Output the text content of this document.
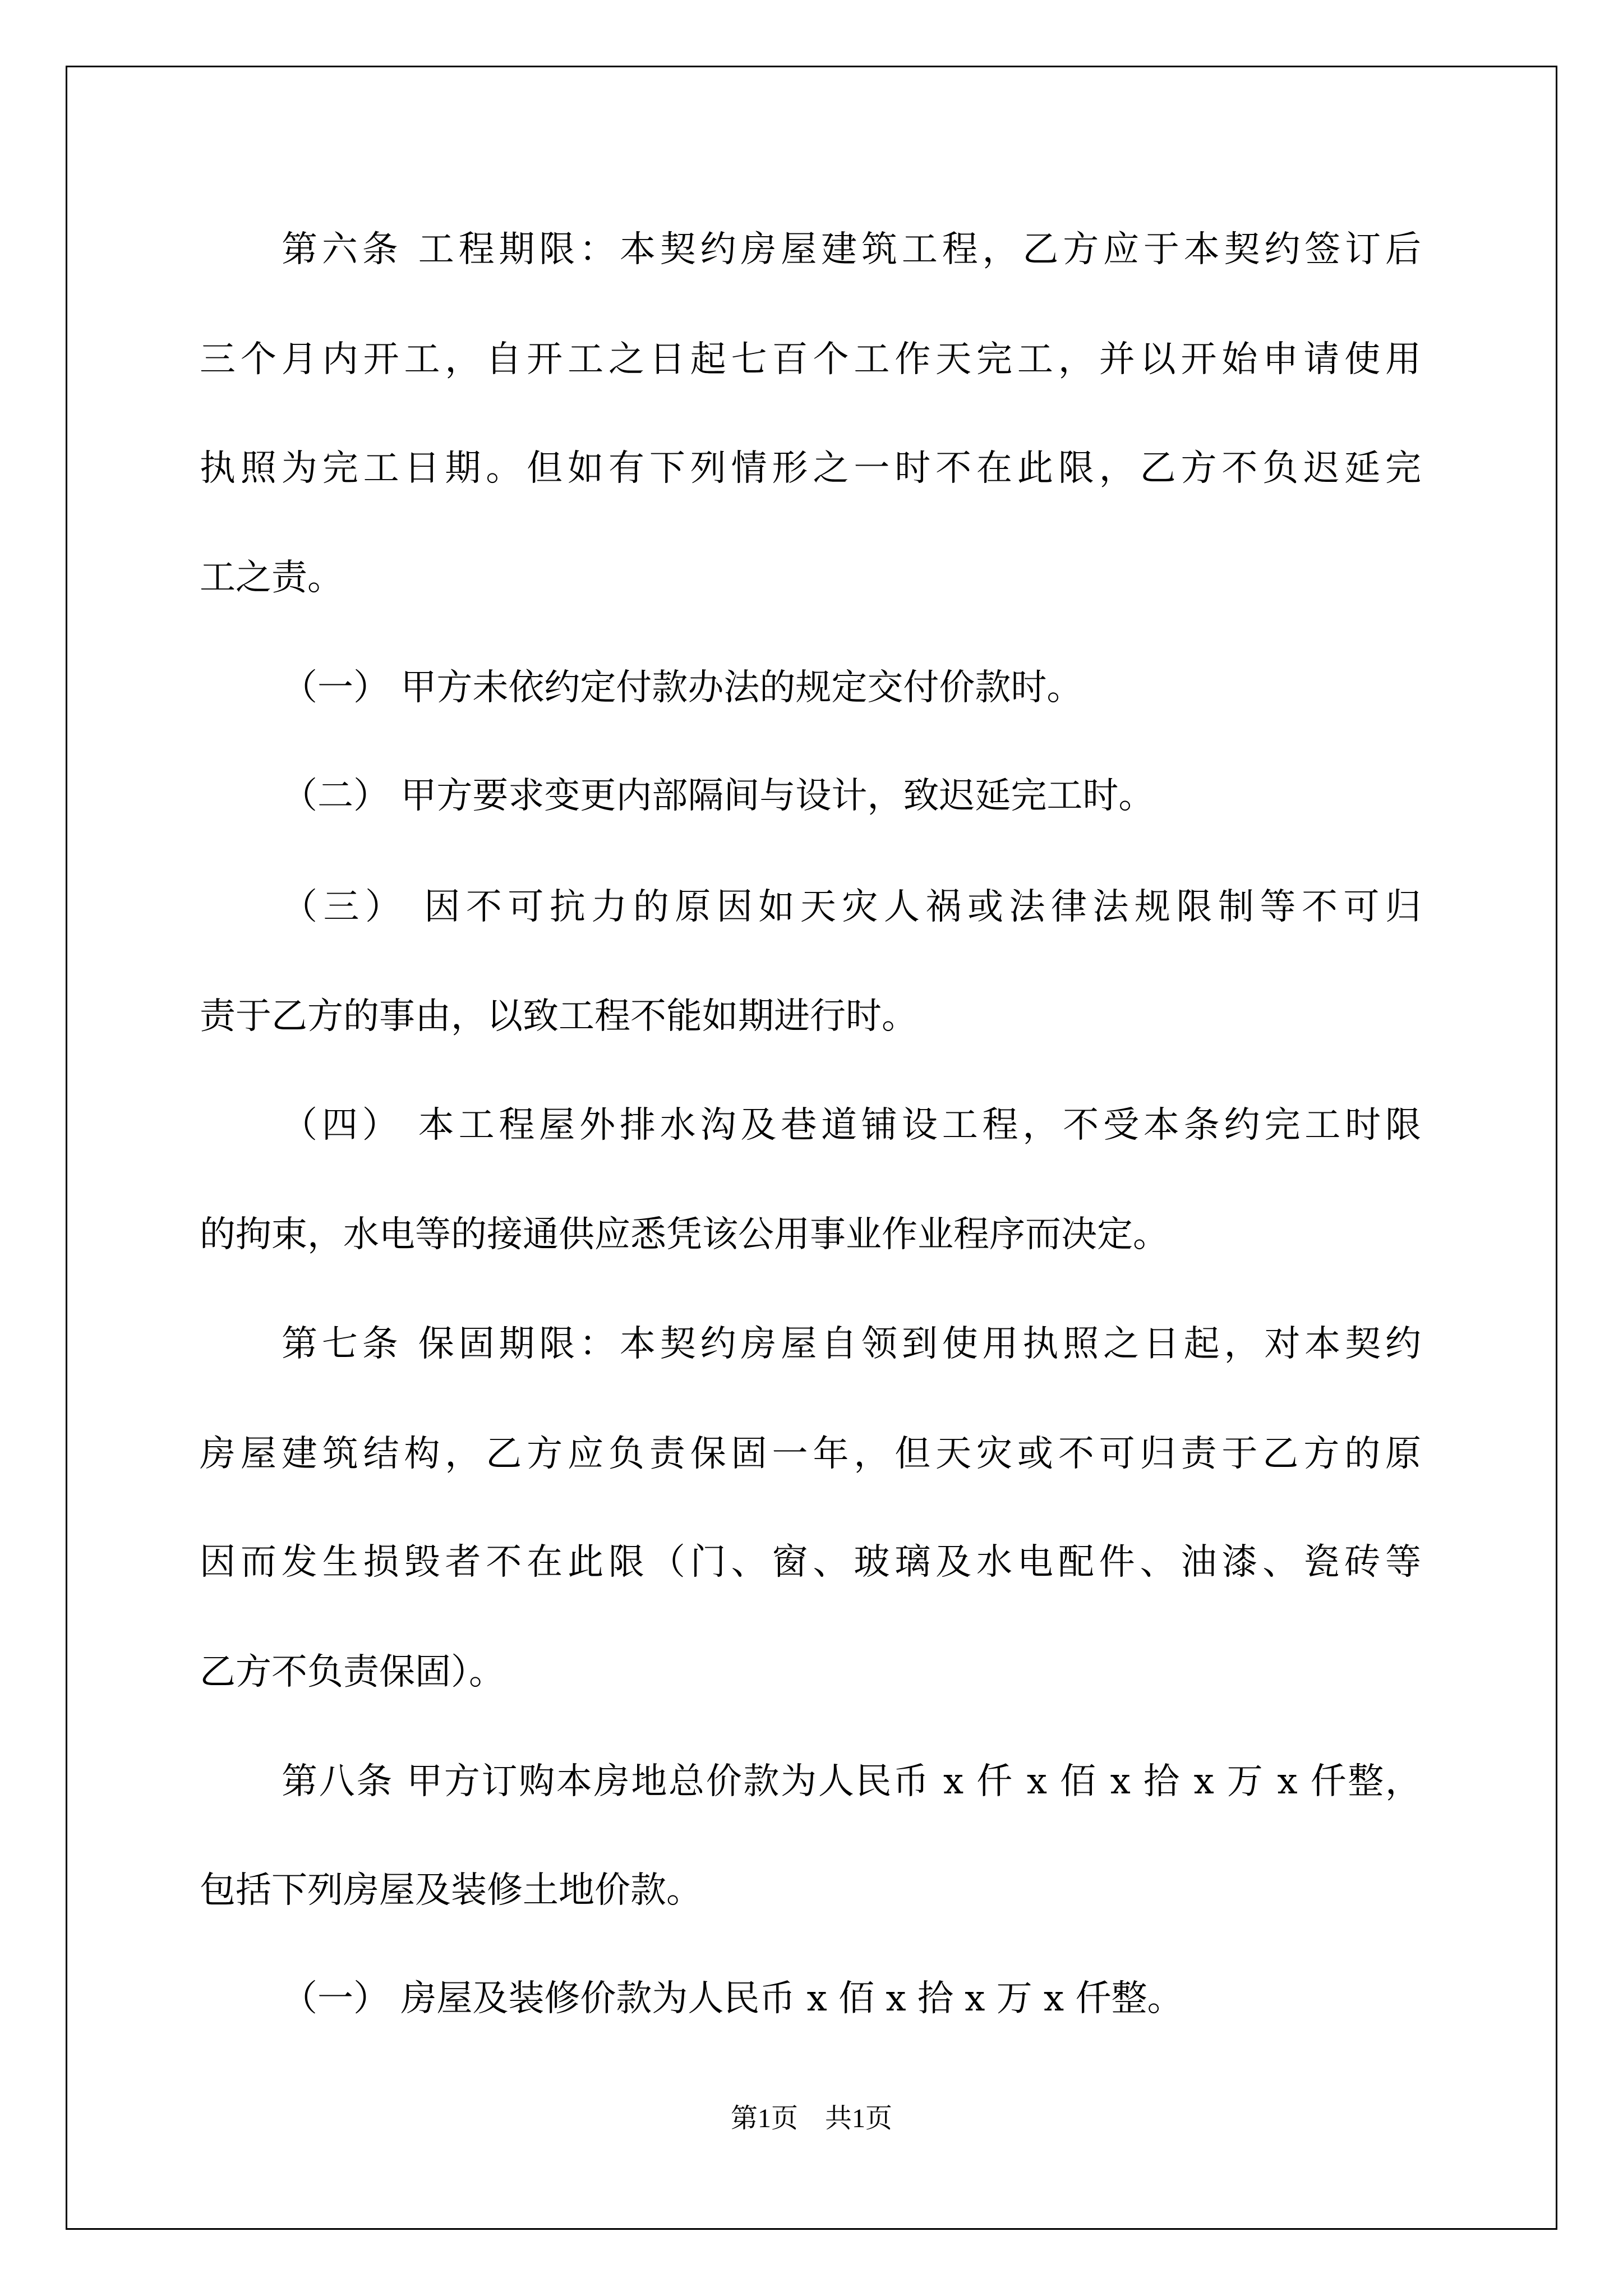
第六条 工程期限：本契约房屋建筑工程，乙方应于本契约签订后

三个月内开工，自开工之日起七百个工作天完工，并以开始申请使用

执照为完工日期。但如有下列情形之一时不在此限，乙方不负迟延完

工之责。

（一） 甲方未依约定付款办法的规定交付价款时。

（二） 甲方要求变更内部隔间与设计，致迟延完工时。

（三） 因不可抗力的原因如天灾人祸或法律法规限制等不可归

责于乙方的事由，以致工程不能如期进行时。

（四） 本工程屋外排水沟及巷道铺设工程，不受本条约完工时限

的拘束，水电等的接通供应悉凭该公用事业作业程序而决定。

第七条 保固期限：本契约房屋自领到使用执照之日起，对本契约

房屋建筑结构，乙方应负责保固一年，但天灾或不可归责于乙方的原

因而发生损毁者不在此限（门、窗、玻璃及水电配件、油漆、瓷砖等

乙方不负责保固）。

第八条 甲方订购本房地总价款为人民币 x 仟 x 佰 x 拾 x 万 x 仟整，

包括下列房屋及装修土地价款。

（一） 房屋及装修价款为人民币 x 佰 x 拾 x 万 x 仟整。

第1页　共1页
